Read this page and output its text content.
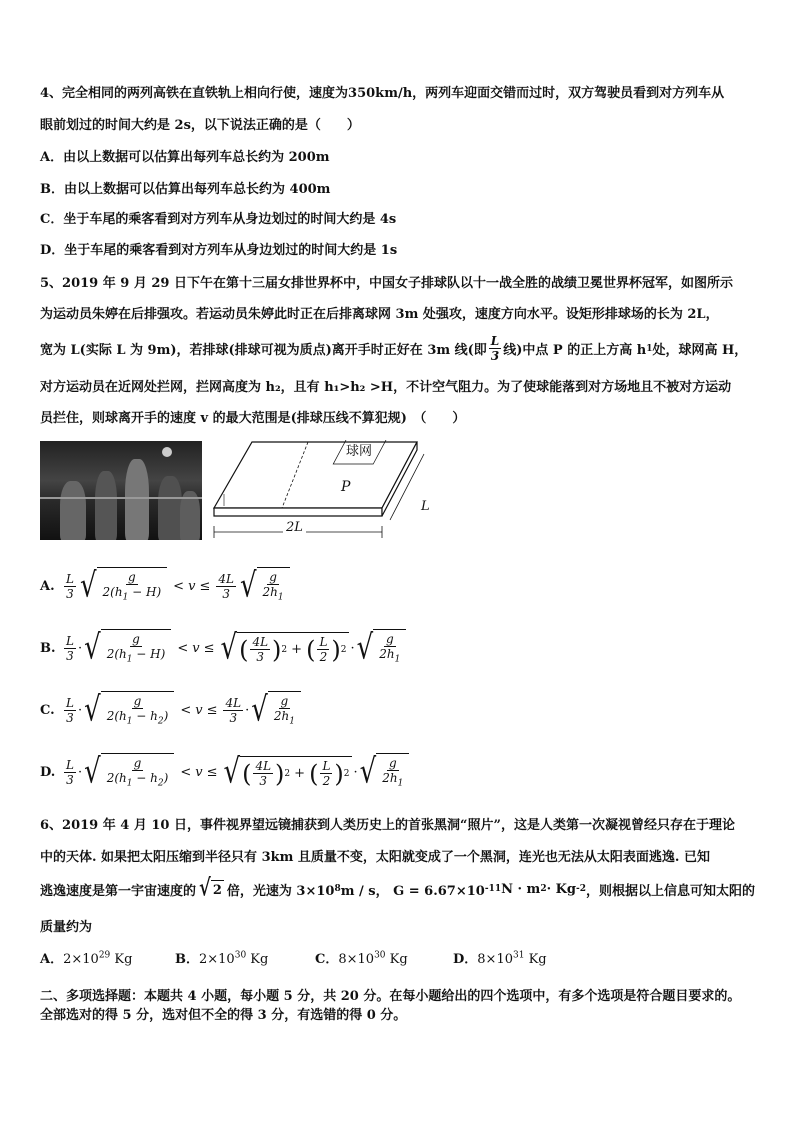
4、完全相同的两列高铁在直铁轨上相向行使，速度为350km/h，两列车迎面交错而过时，双方驾驶员看到对方列车从
眼前划过的时间大约是 2s，以下说法正确的是（　　）
A．由以上数据可以估算出每列车总长约为 200m
B．由以上数据可以估算出每列车总长约为 400m
C．坐于车尾的乘客看到对方列车从身边划过的时间大约是 4s
D．坐于车尾的乘客看到对方列车从身边划过的时间大约是 1s
5、2019 年 9 月 29 日下午在第十三届女排世界杯中，中国女子排球队以十一战全胜的战绩卫冕世界杯冠军，如图所示
为运动员朱婷在后排强攻。若运动员朱婷此时正在后排离球网 3m 处强攻，速度方向水平。设矩形排球场的长为 2L，
宽为 L(实际 L 为 9m)，若排球(排球可视为质点)离开手时正好在 3m 线(即 $\frac{L}{3}$ 线)中点 P 的正上方高 h 1 处，球网高 H，
对方运动员在近网处拦网，拦网高度为 h₂，且有 h₁>h₂ >H，不计空气阻力。为了使球能落到对方场地且不被对方运动
员拦住，则球离开手的速度 v 的最大范围是(排球压线不算犯规)　（　　）
球网
P
2L
L
A. $\frac{L}{3}$ √ $\frac{g}{2(h_1 - H)} < v \le \frac{4L}{3}$ √ $\frac{g}{2h_1}$
B. $\frac{L}{3}$ · √ $\frac{g}{2(h_1 - H)} < v$ ≤ √ ( $\frac{4L}{3}$ ) 2 + ( $\frac{L}{2}$ ) 2 · √ $\frac{g}{2h_1}$
C. $\frac{L}{3}$ · √ $\frac{g}{2(h_1 - h_2)} < v \le \frac{4L}{3}$ · √ $\frac{g}{2h_1}$
D. $\frac{L}{3}$ · √ $\frac{g}{2(h_1 - h_2)} < v$ ≤ √ ( $\frac{4L}{3}$ ) 2 + ( $\frac{L}{2}$ ) 2 · √ $\frac{g}{2h_1}$
6、2019 年 4 月 10 日，事件视界望远镜捕获到人类历史上的首张黑洞“照片”，这是人类第一次凝视曾经只存在于理论
中的天体. 如果把太阳压缩到半径只有 3km 且质量不变，太阳就变成了一个黑洞，连光也无法从太阳表面逃逸. 已知
逃逸速度是第一宇宙速度的 √ 2 倍，光速为 3×10 8 m / s， G = 6.67×10 -11 N · m 2 · Kg -2 ，则根据以上信息可知太阳的
质量约为
A．$2\times 10^{29}$ Kg	B．$2\times 10^{30}$ Kg	C．$8\times 10^{30}$ Kg	D．$8\times 10^{31}$ Kg
二、多项选择题：本题共 4 小题，每小题 5 分，共 20 分。在每小题给出的四个选项中，有多个选项是符合题目要求的。
全部选对的得 5 分，选对但不全的得 3 分，有选错的得 0 分。
